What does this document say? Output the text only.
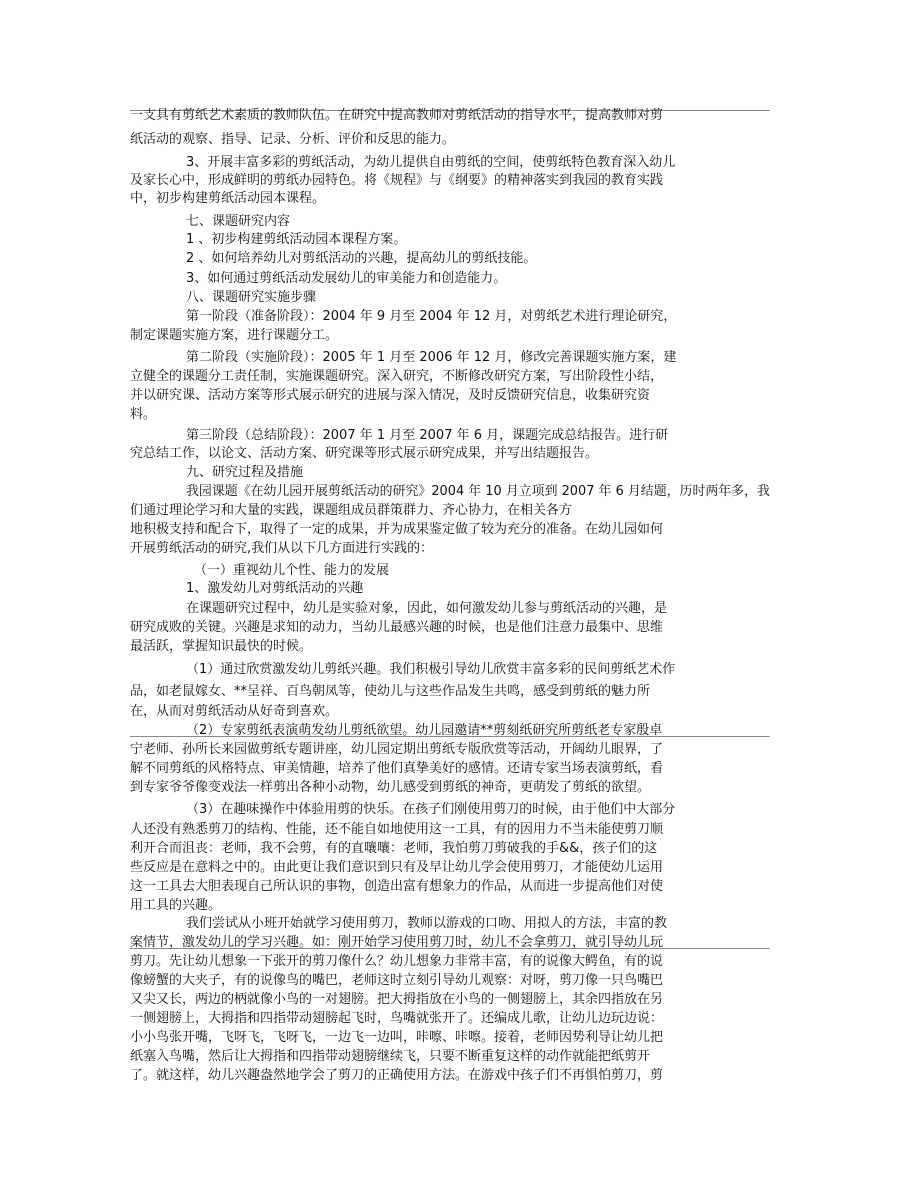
一支具有剪纸艺术素质的教师队伍。在研究中提高教师对剪纸活动的指导水平，提高教师对剪
纸活动的观察、指导、记录、分析、评价和反思的能力。
3、开展丰富多彩的剪纸活动，为幼儿提供自由剪纸的空间，使剪纸特色教育深入幼儿
及家长心中，形成鲜明的剪纸办园特色。将《规程》与《纲要》的精神落实到我园的教育实践
中，初步构建剪纸活动园本课程。
七、课题研究内容
1 、初步构建剪纸活动园本课程方案。
2 、如何培养幼儿对剪纸活动的兴趣，提高幼儿的剪纸技能。
3、如何通过剪纸活动发展幼儿的审美能力和创造能力。
八、课题研究实施步骤
第一阶段（准备阶段）：2004 年 9 月至 2004 年 12 月，对剪纸艺术进行理论研究，
制定课题实施方案，进行课题分工。
第二阶段（实施阶段）：2005 年 1 月至 2006 年 12 月，修改完善课题实施方案，建
立健全的课题分工责任制，实施课题研究。深入研究，不断修改研究方案，写出阶段性小结，
并以研究课、活动方案等形式展示研究的进展与深入情况，及时反馈研究信息，收集研究资
料。
第三阶段（总结阶段）：2007 年 1 月至 2007 年 6 月，课题完成总结报告。进行研
究总结工作，以论文、活动方案、研究课等形式展示研究成果，并写出结题报告。
九、研究过程及措施
我园课题《在幼儿园开展剪纸活动的研究》2004 年 10 月立项到 2007 年 6 月结题，历时两年多，我
们通过理论学习和大量的实践，课题组成员群策群力、齐心协力，在相关各方
地积极支持和配合下，取得了一定的成果，并为成果鉴定做了较为充分的准备。在幼儿园如何
开展剪纸活动的研究,我们从以下几方面进行实践的：
（一）重视幼儿个性、能力的发展
1、激发幼儿对剪纸活动的兴趣
在课题研究过程中，幼儿是实验对象，因此，如何激发幼儿参与剪纸活动的兴趣，是
研究成败的关键。兴趣是求知的动力，当幼儿最感兴趣的时候，也是他们注意力最集中、思维
最活跃，掌握知识最快的时候。
（1）通过欣赏激发幼儿剪纸兴趣。我们积极引导幼儿欣赏丰富多彩的民间剪纸艺术作
品，如老鼠嫁女、**呈祥、百鸟朝凤等，使幼儿与这些作品发生共鸣，感受到剪纸的魅力所
在，从而对剪纸活动从好奇到喜欢。
（2）专家剪纸表演萌发幼儿剪纸欲望。幼儿园邀请**剪刻纸研究所剪纸老专家殷卓
宁老师、孙所长来园做剪纸专题讲座，幼儿园定期出剪纸专版欣赏等活动，开阔幼儿眼界，了
解不同剪纸的风格特点、审美情趣，培养了他们真挚美好的感情。还请专家当场表演剪纸，看
到专家爷爷像变戏法一样剪出各种小动物，幼儿感受到剪纸的神奇，更萌发了剪纸的欲望。
（3）在趣味操作中体验用剪的快乐。在孩子们刚使用剪刀的时候，由于他们中大部分
人还没有熟悉剪刀的结构、性能，还不能自如地使用这一工具，有的因用力不当未能使剪刀顺
利开合而沮丧：老师，我不会剪，有的直嚷嚷：老师，我怕剪刀剪破我的手&&，孩子们的这
些反应是在意料之中的。由此更让我们意识到只有及早让幼儿学会使用剪刀，才能使幼儿运用
这一工具去大胆表现自己所认识的事物，创造出富有想象力的作品，从而进一步提高他们对使
用工具的兴趣。
我们尝试从小班开始就学习使用剪刀，教师以游戏的口吻、用拟人的方法，丰富的教
案情节，激发幼儿的学习兴趣。如：刚开始学习使用剪刀时，幼儿不会拿剪刀，就引导幼儿玩
剪刀。先让幼儿想象一下张开的剪刀像什么？幼儿想象力非常丰富，有的说像大鳄鱼，有的说
像螃蟹的大夹子，有的说像鸟的嘴巴，老师这时立刻引导幼儿观察：对呀，剪刀像一只鸟嘴巴
又尖又长，两边的柄就像小鸟的一对翅膀。把大拇指放在小鸟的一侧翅膀上，其余四指放在另
一侧翅膀上，大拇指和四指带动翅膀起飞时，鸟嘴就张开了。还编成儿歌，让幼儿边玩边说：
小小鸟张开嘴，飞呀飞，飞呀飞，一边飞一边叫，咔嚓、咔嚓。接着，老师因势利导让幼儿把
纸塞入鸟嘴，然后让大拇指和四指带动翅膀继续飞，只要不断重复这样的动作就能把纸剪开
了。就这样，幼儿兴趣盎然地学会了剪刀的正确使用方法。在游戏中孩子们不再惧怕剪刀，剪
